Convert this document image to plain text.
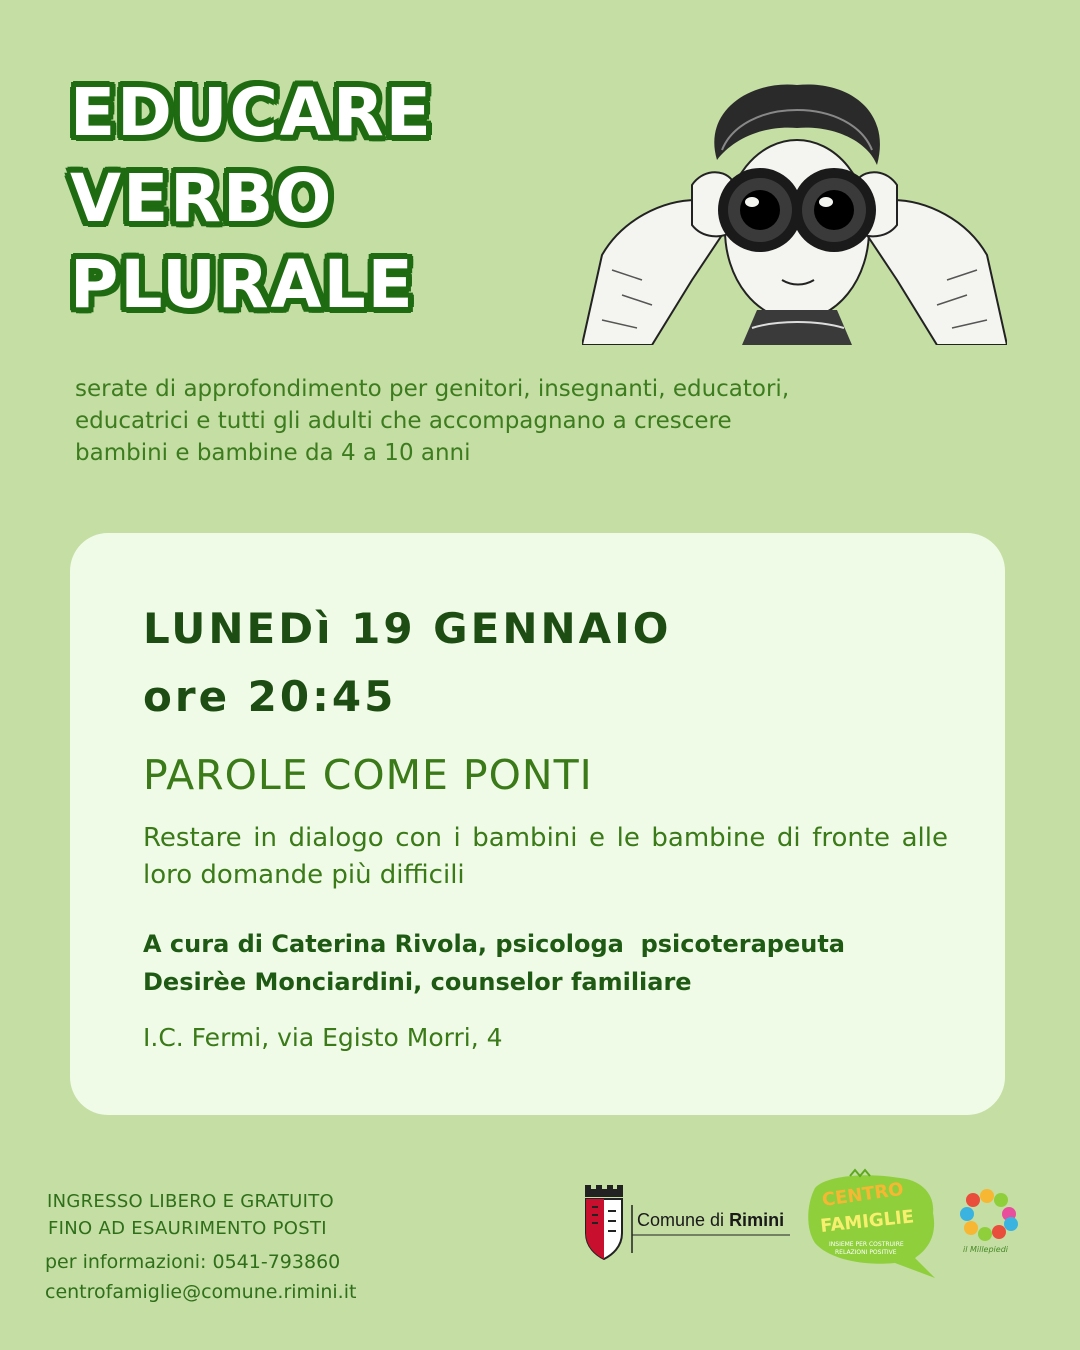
EDUCARE
VERBO
PLURALE
serate di approfondimento per genitori, insegnanti, educatori,
educatrici e tutti gli adulti che accompagnano a crescere
bambini e bambine da 4 a 10 anni
LUNEDì 19 GENNAIO
ore 20:45
PAROLE COME PONTI
Restare in dialogo con i bambini e le bambine di fronte alle loro domande più difficili
A cura di Caterina Rivola, psicologa  psicoterapeuta
Desirèe Monciardini, counselor familiare
I.C. Fermi, via Egisto Morri, 4
INGRESSO LIBERO E GRATUITO
FINO AD ESAURIMENTO POSTI
per informazioni: 0541-793860
centrofamiglie@comune.rimini.it
Comune di Rimini
CENTRO
FAMIGLIE
INSIEME PER COSTRUIRE
RELAZIONI POSITIVE	il Millepiedi
